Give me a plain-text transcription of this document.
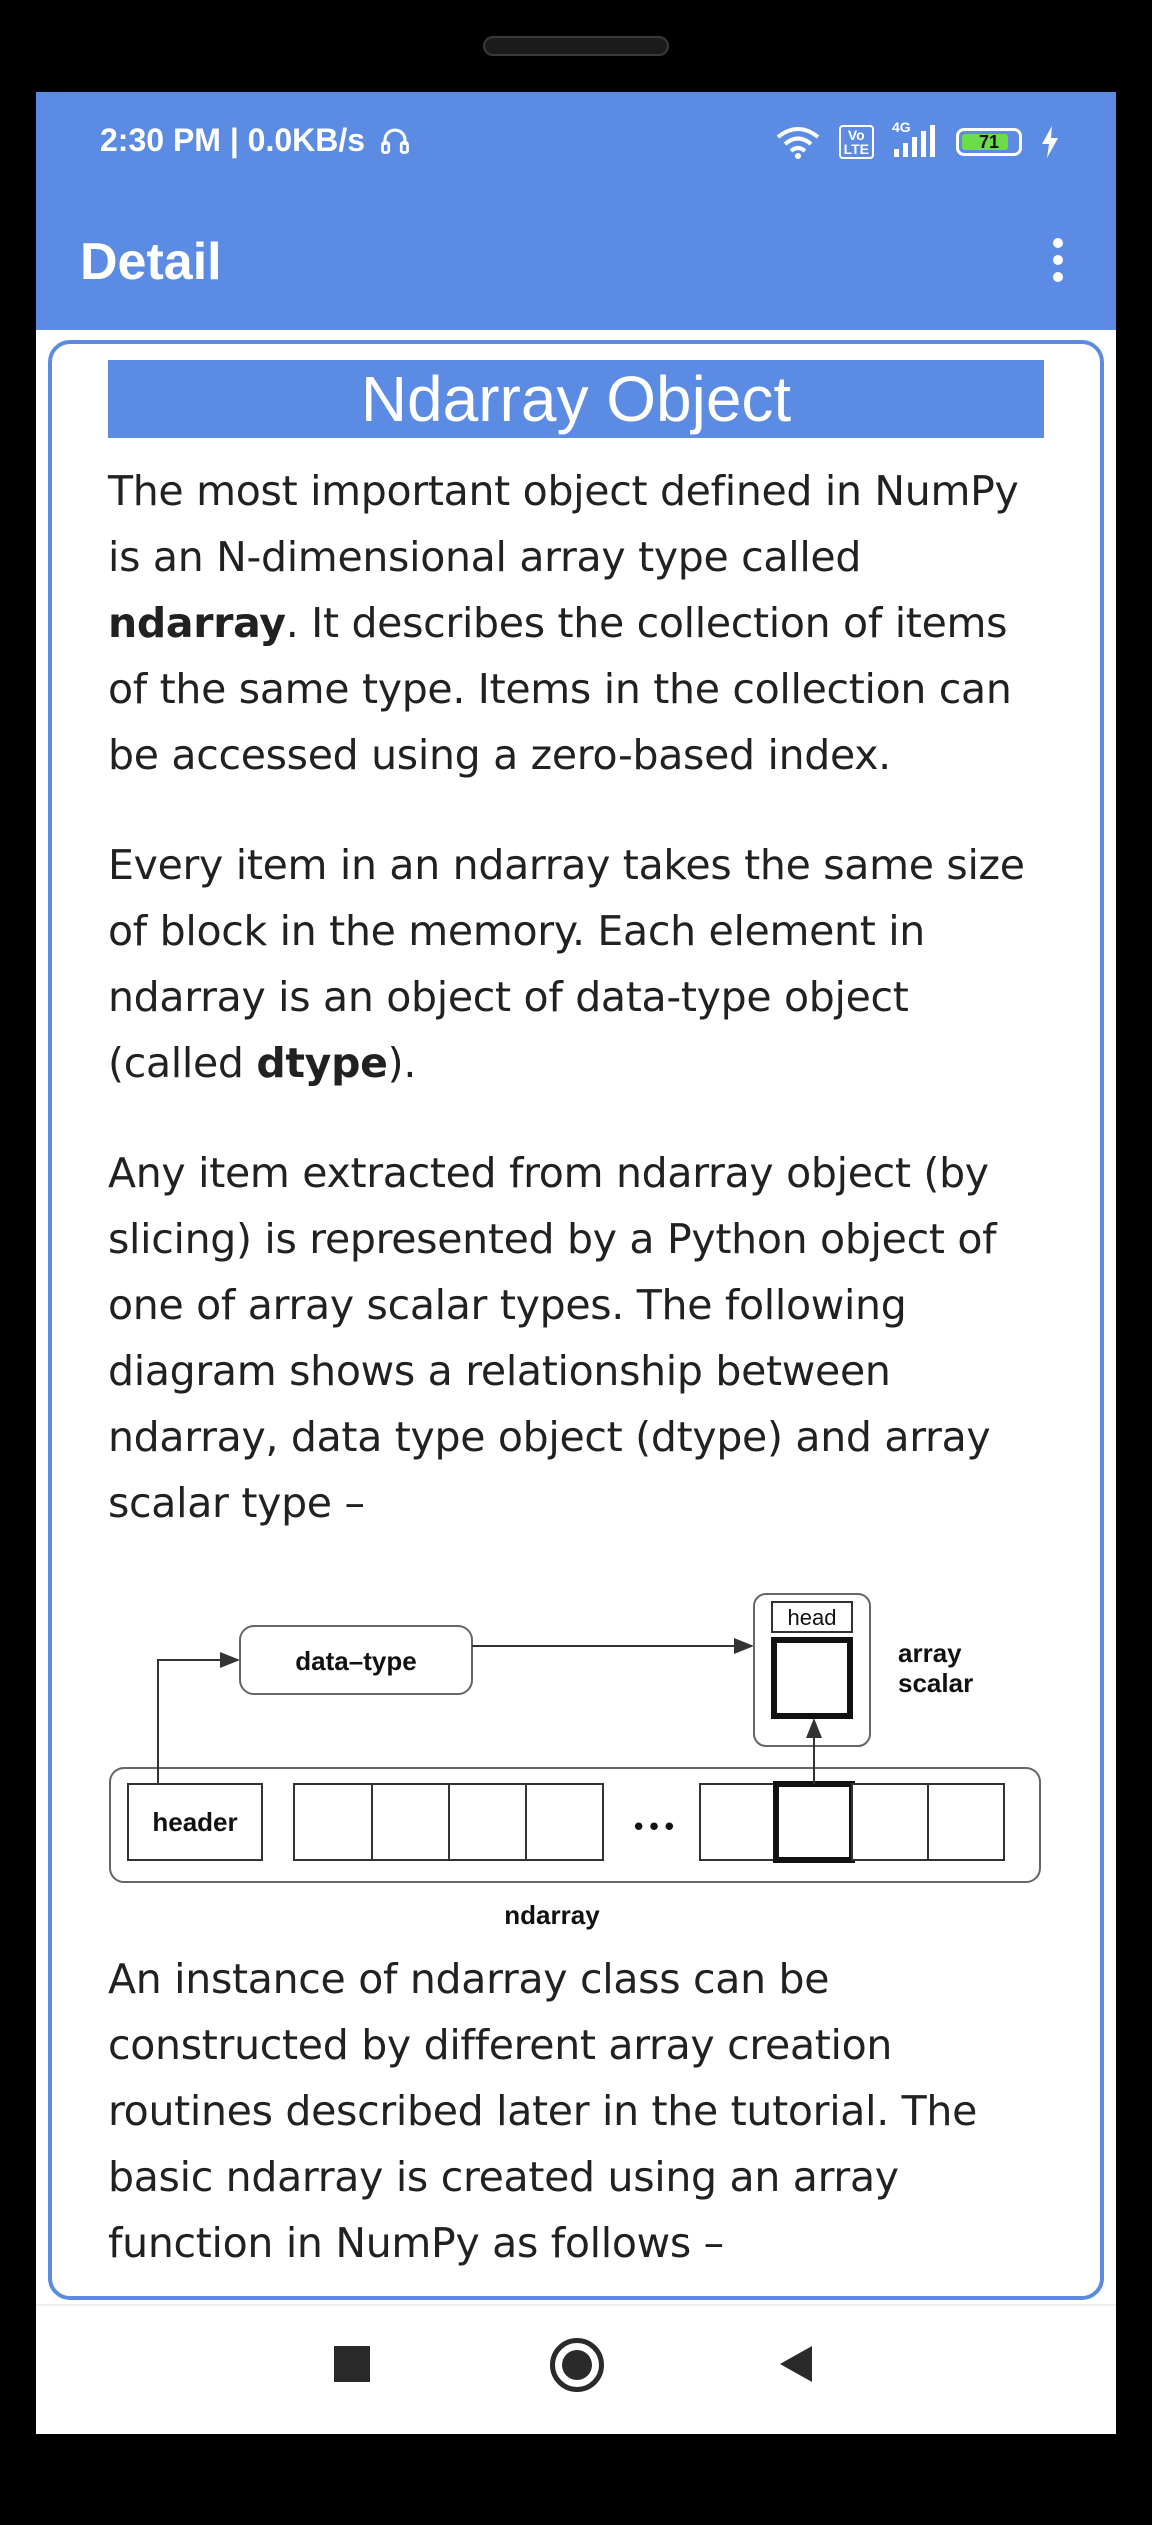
2:30 PM | 0.0KB/s	Vo
LTE
4G
71
Detail
Ndarray Object

The most important object defined in NumPy is an N-dimensional array type called ndarray. It describes the collection of items of the same type. Items in the collection can be accessed using a zero-based index.

Every item in an ndarray takes the same size of block in the memory. Each element in ndarray is an object of data-type object (called dtype).

Any item extracted from ndarray object (by slicing) is represented by a Python object of one of array scalar types. The following diagram shows a relationship between ndarray, data type object (dtype) and array scalar type –

data–type
head
array
scalar
header	•••
ndarray

An instance of ndarray class can be constructed by different array creation routines described later in the tutorial. The basic ndarray is created using an array function in NumPy as follows –
